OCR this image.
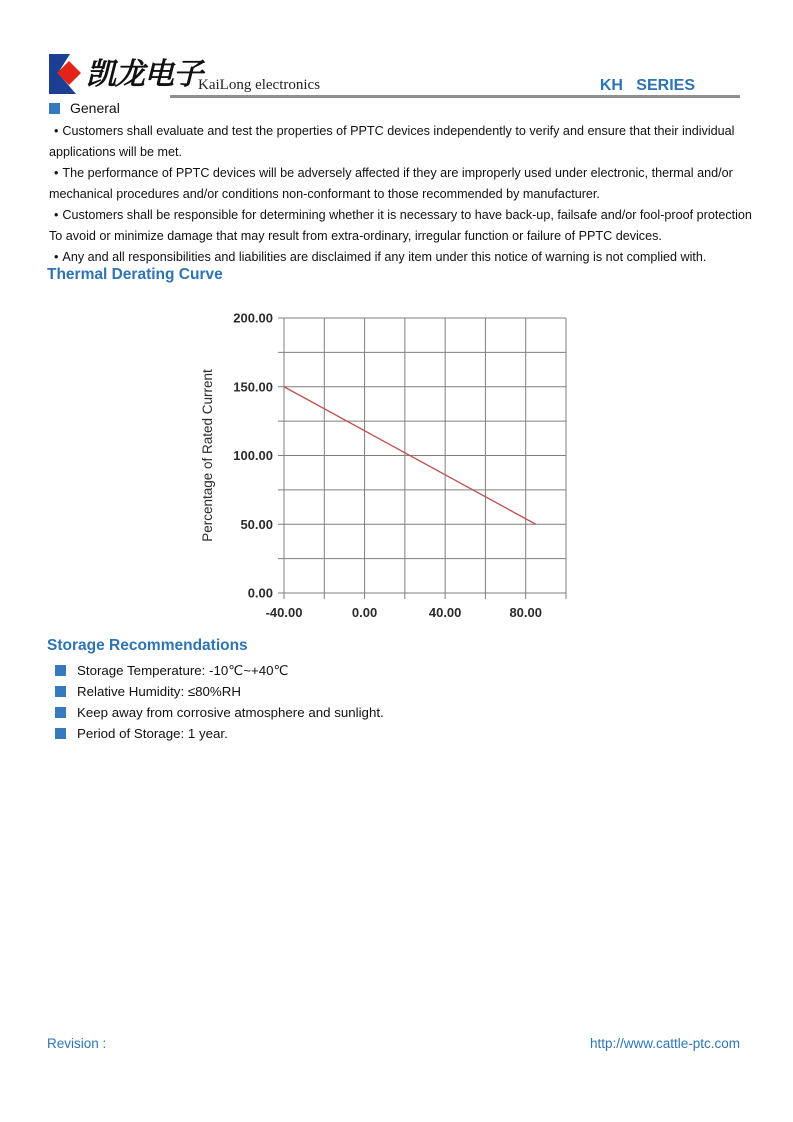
凯龙电子
KaiLong electronics	KH   SERIES
General

• Customers shall evaluate and test the properties of PPTC devices independently to verify and ensure that their individual applications will be met.

• The performance of PPTC devices will be adversely affected if they are improperly used under electronic, thermal and/or mechanical procedures and/or conditions non-conformant to those recommended by manufacturer.

• Customers shall be responsible for determining whether it is necessary to have back-up, failsafe and/or fool-proof protection To avoid or minimize damage that may result from extra-ordinary, irregular function or failure of PPTC devices.

• Any and all responsibilities and liabilities are disclaimed if any item under this notice of warning is not complied with.

Thermal Derating Curve
-40.00	0.00	40.00	80.00
0.00
50.00
100.00
150.00
200.00
Percentage of Rated Current
Storage Recommendations
Storage Temperature: -10℃~+40℃
Relative Humidity: ≤80%RH
Keep away from corrosive atmosphere and sunlight.
Period of Storage: 1 year.
Revision :	http://www.cattle-ptc.com
